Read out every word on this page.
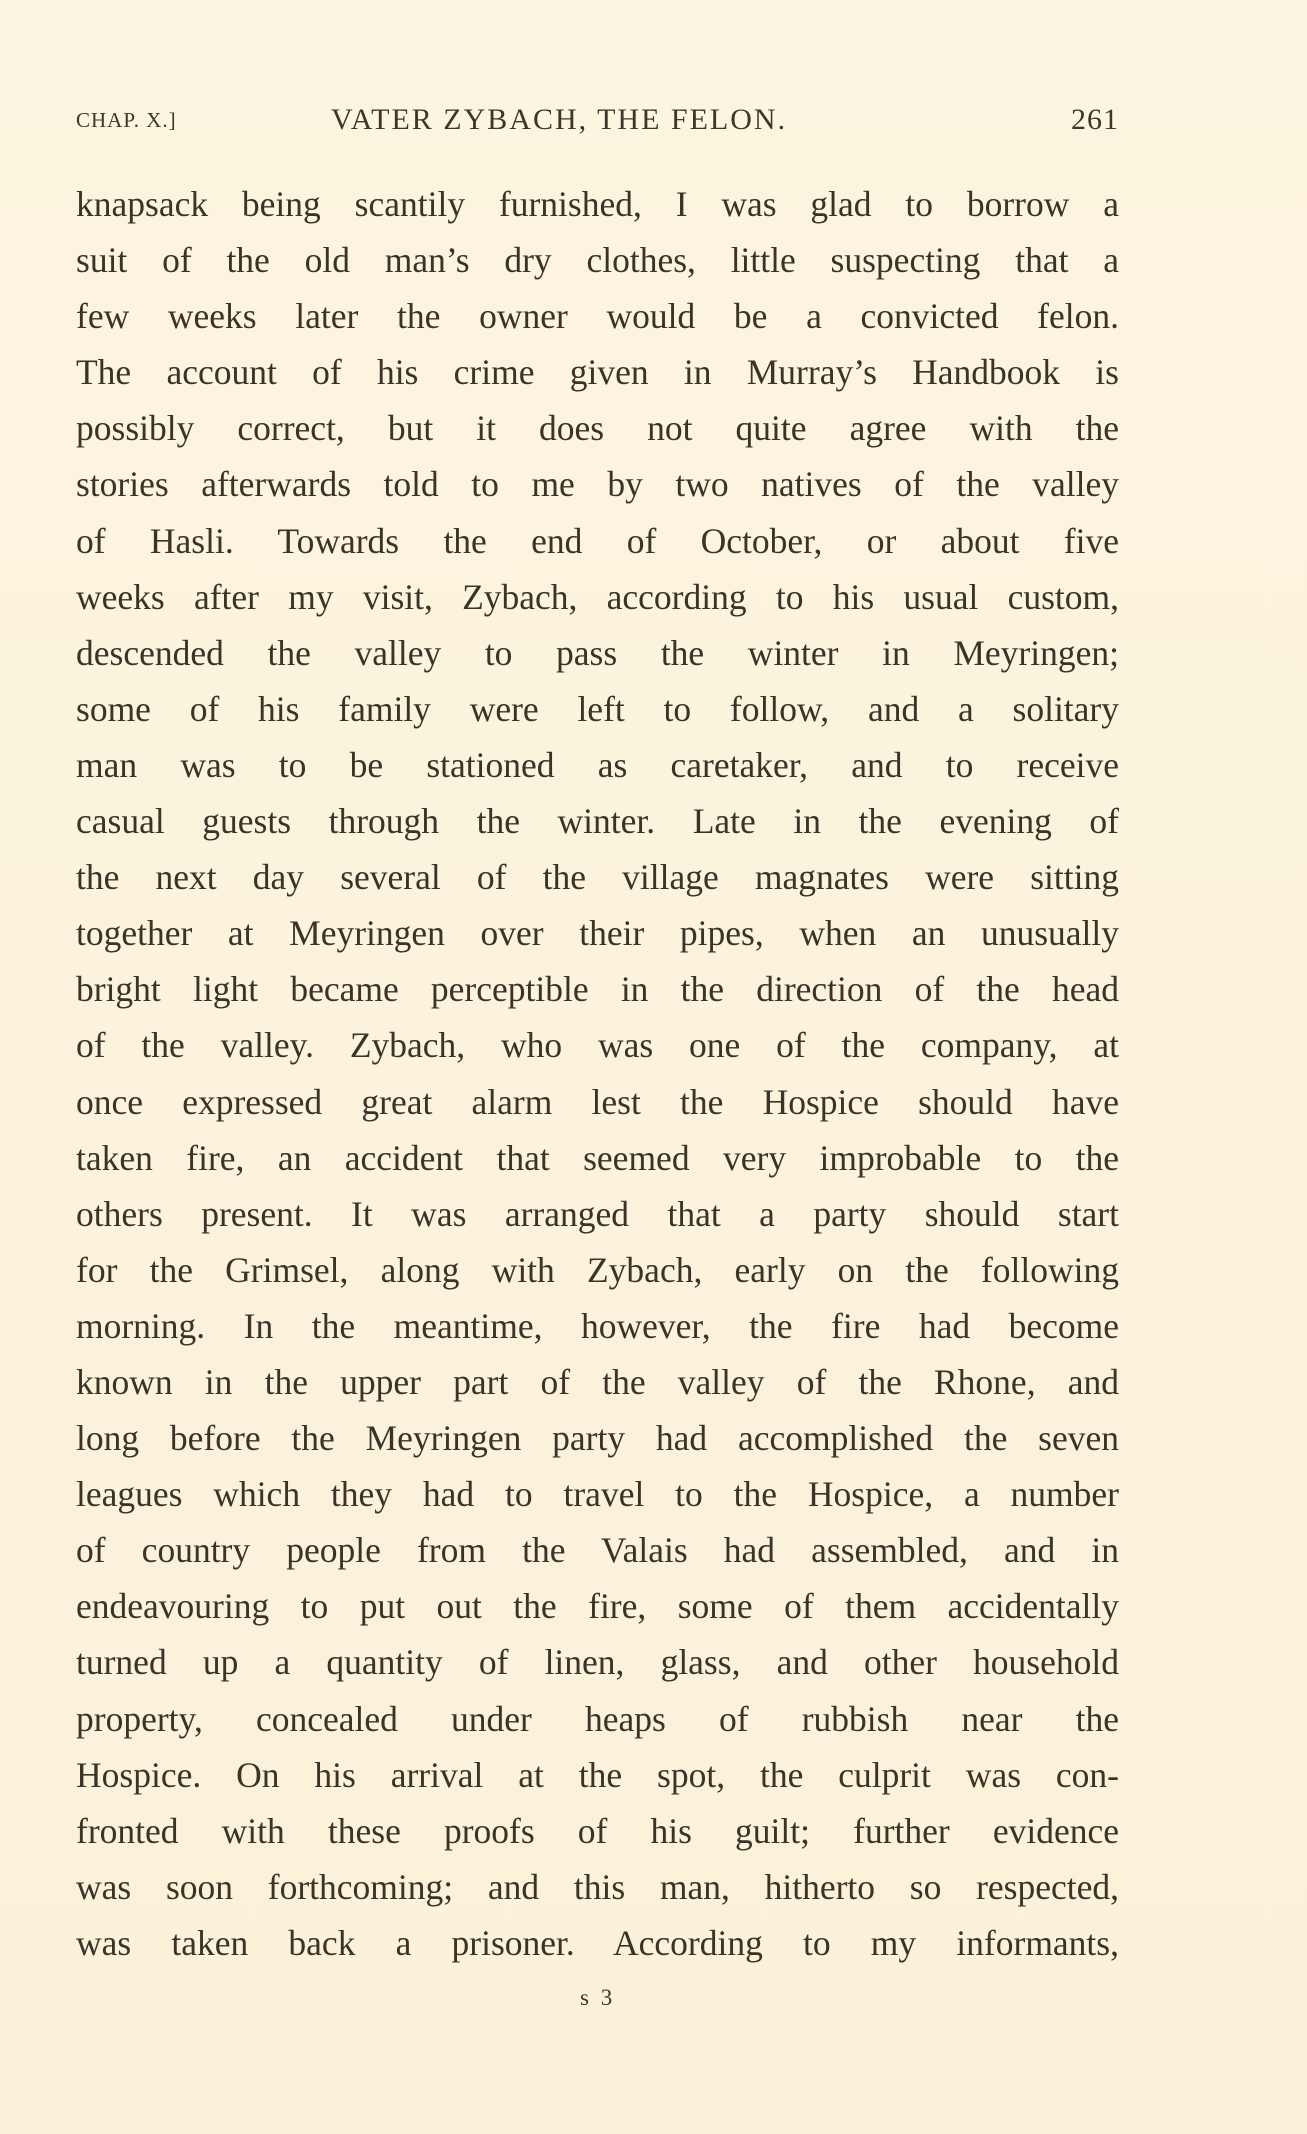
CHAP. X.]	VATER ZYBACH, THE FELON.	261
knapsack being scantily furnished, I was glad to borrow a
suit of the old man’s dry clothes, little suspecting that a
few weeks later the owner would be a convicted felon.
The account of his crime given in Murray’s Handbook is
possibly correct, but it does not quite agree with the
stories afterwards told to me by two natives of the valley
of Hasli. Towards the end of October, or about five
weeks after my visit, Zybach, according to his usual custom,
descended the valley to pass the winter in Meyringen;
some of his family were left to follow, and a solitary
man was to be stationed as caretaker, and to receive
casual guests through the winter. Late in the evening of
the next day several of the village magnates were sitting
together at Meyringen over their pipes, when an unusually
bright light became perceptible in the direction of the head
of the valley. Zybach, who was one of the company, at
once expressed great alarm lest the Hospice should have
taken fire, an accident that seemed very improbable to the
others present. It was arranged that a party should start
for the Grimsel, along with Zybach, early on the following
morning. In the meantime, however, the fire had become
known in the upper part of the valley of the Rhone, and
long before the Meyringen party had accomplished the seven
leagues which they had to travel to the Hospice, a number
of country people from the Valais had assembled, and in
endeavouring to put out the fire, some of them accidentally
turned up a quantity of linen, glass, and other household
property, concealed under heaps of rubbish near the
Hospice. On his arrival at the spot, the culprit was con-
fronted with these proofs of his guilt; further evidence
was soon forthcoming; and this man, hitherto so respected,
was taken back a prisoner. According to my informants,
s 3
